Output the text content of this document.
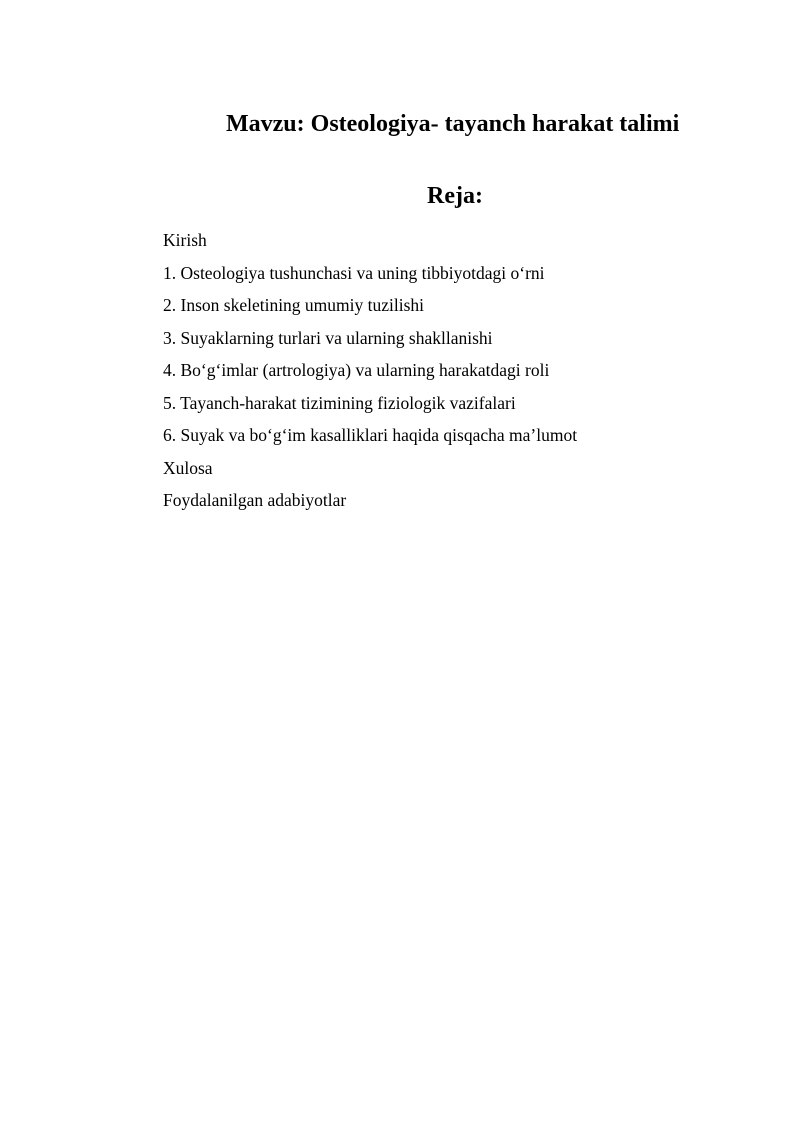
Mavzu: Osteologiya- tayanch harakat talimi
Reja:
Kirish
1. Osteologiya tushunchasi va uning tibbiyotdagi o‘rni
2. Inson skeletining umumiy tuzilishi
3. Suyaklarning turlari va ularning shakllanishi
4. Bo‘g‘imlar (artrologiya) va ularning harakatdagi roli
5. Tayanch-harakat tizimining fiziologik vazifalari
6. Suyak va bo‘g‘im kasalliklari haqida qisqacha ma’lumot
Xulosa
Foydalanilgan adabiyotlar
